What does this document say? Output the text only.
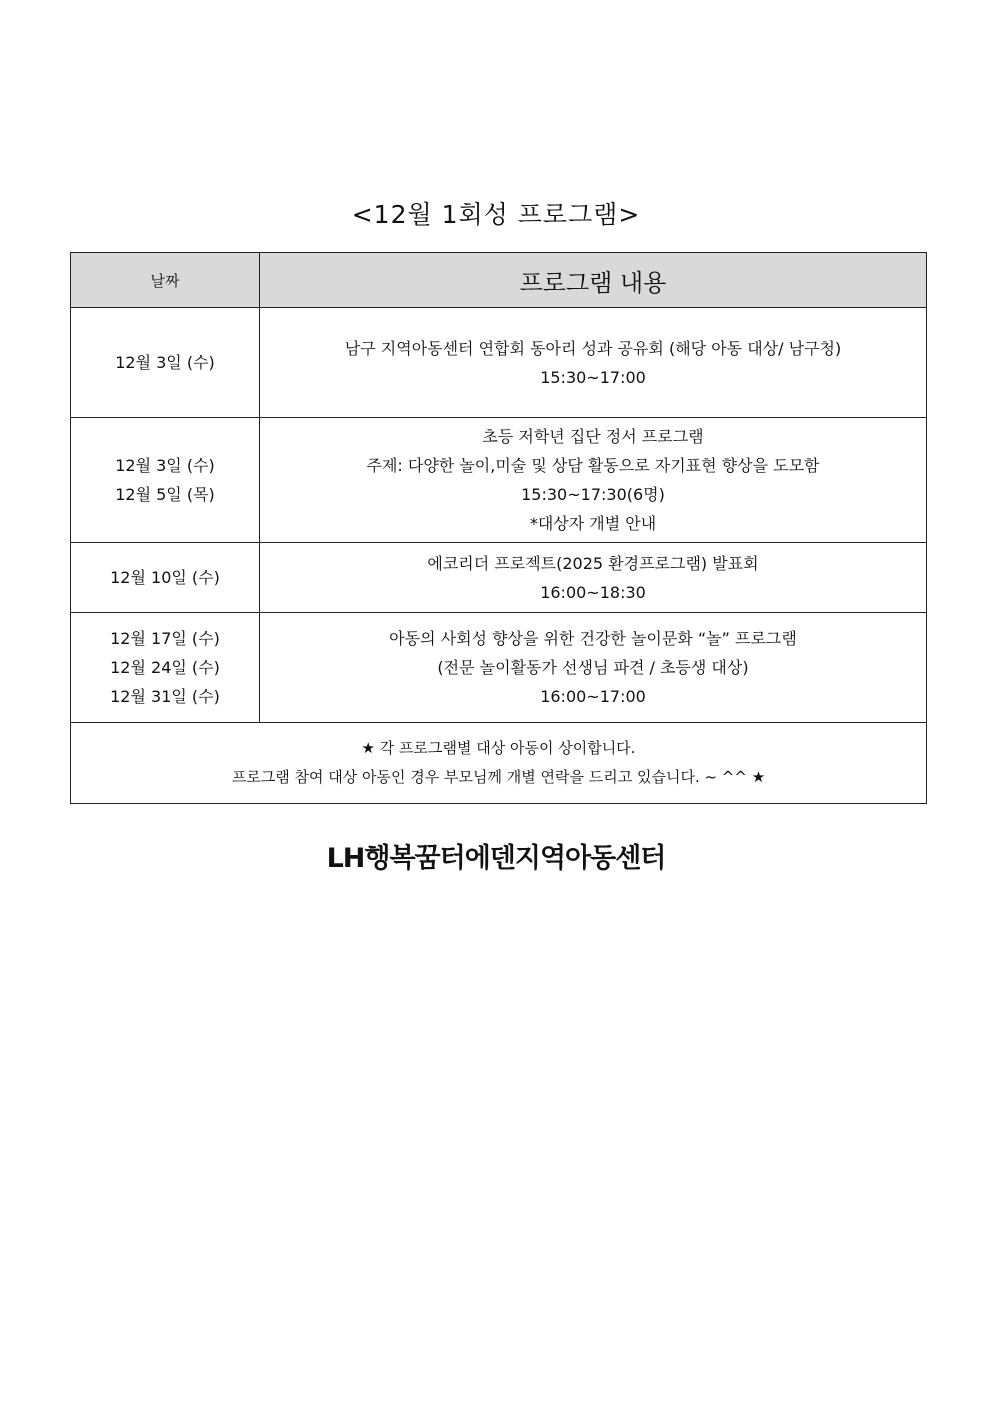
<12월 1회성 프로그램>
날짜	프로그램 내용

12월 3일 (수)	남구 지역아동센터 연합회 동아리 성과 공유회 (해당 아동 대상/ 남구청)
15:30~17:00

12월 3일 (수)
12월 5일 (목)	초등 저학년 집단 정서 프로그램
주제: 다양한 놀이,미술 및 상담 활동으로 자기표현 향상을 도모함
15:30~17:30(6명)
*대상자 개별 안내

12월 10일 (수)	에코리더 프로젝트(2025 환경프로그램) 발표회
16:00~18:30

12월 17일 (수)
12월 24일 (수)
12월 31일 (수)	아동의 사회성 향상을 위한 건강한 놀이문화 “놀” 프로그램
(전문 놀이활동가 선생님 파견 / 초등생 대상)
16:00~17:00

★ 각 프로그램별 대상 아동이 상이합니다.
프로그램 참여 대상 아동인 경우 부모님께 개별 연락을 드리고 있습니다. ~ ^^ ★	
LH행복꿈터에덴지역아동센터
